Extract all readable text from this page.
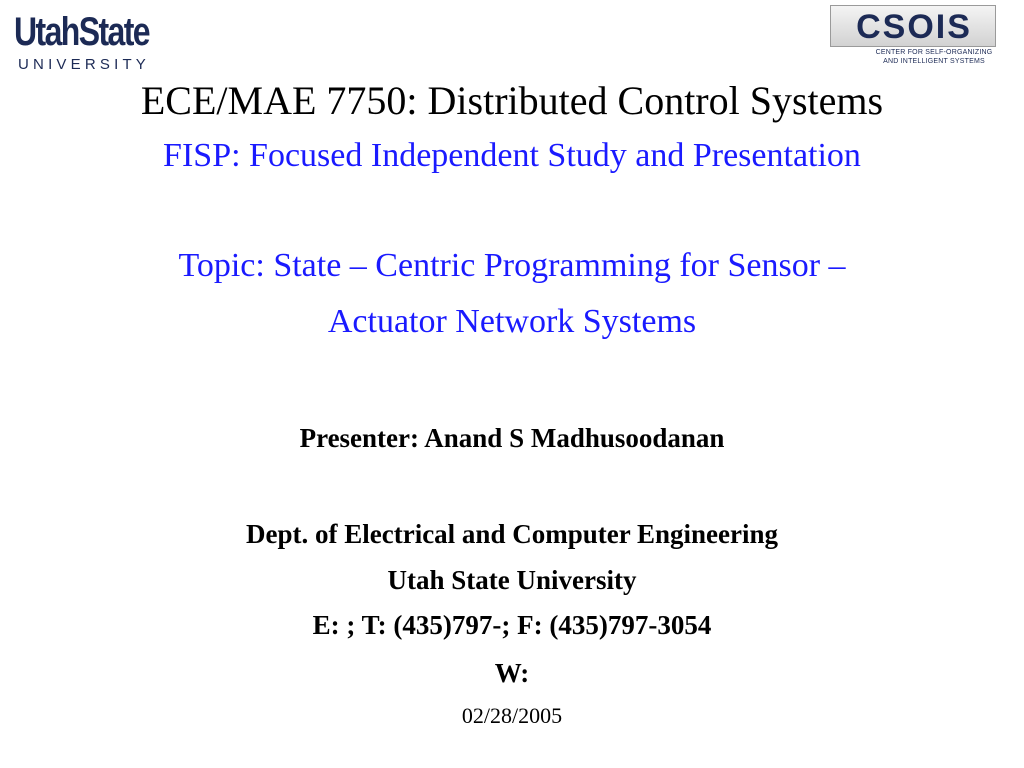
UtahState
UNIVERSITY
CSOIS
CENTER FOR SELF-ORGANIZING
AND INTELLIGENT SYSTEMS
ECE/MAE 7750: Distributed Control Systems
FISP: Focused Independent Study and Presentation
Topic: State – Centric Programming for Sensor –
Actuator Network Systems
Presenter: Anand S Madhusoodanan
Dept. of Electrical and Computer Engineering
Utah State University
E: ; T: (435)797-; F: (435)797-3054
W:
02/28/2005
